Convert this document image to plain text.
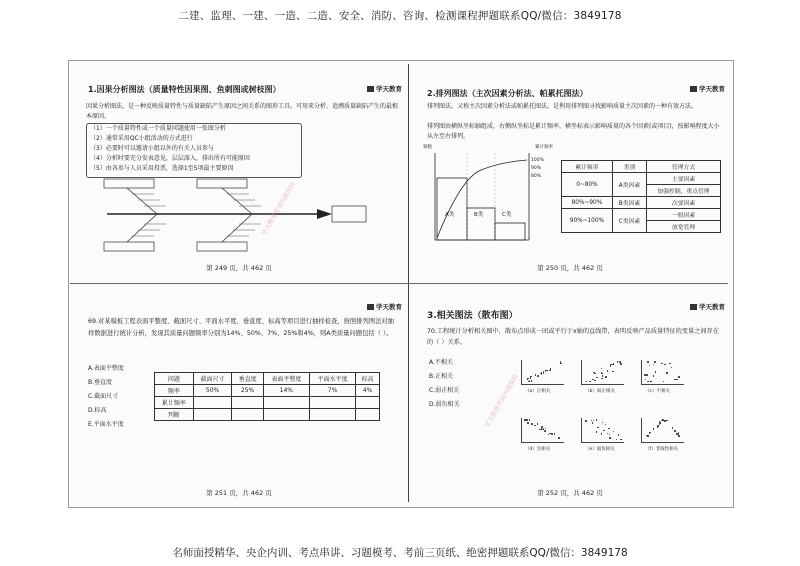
二建、监理、一建、一造、二造、安全、消防、咨询、检测课程押题联系QQ/微信：3849178
学天教育
1.因果分析图法（质量特性因果图、鱼刺图或树枝图）
因果分析图法，是一种反映质量特性与质量缺陷产生原因之间关系的图形工具。可用来分析、追溯质量缺陷产生的最根本原因。
（1）一个质量特性或一个质量问题使用一张图分析
（2）通常采用QC小组活动的方式进行
（3）必要时可以邀请小组以外的有关人员参与
（4）分析时要充分发表意见，层层深入，排出所有可能原因
（5）由各参与人员采用投票，选择1至5项最主要原因
学天教育考试内部资料
第 249 页，共 462 页
学天教育
2.排列图法（主次因素分析法、帕累托图法）
排列图法，又称主次因素分析法或帕累托图法，是利用排列图寻找影响质量主次因素的一种有效方法。
排列图由横纵坐标轴组成，右侧纵坐标是累计频率，横坐标表示影响质量的各个因素(或项目)，按影响程度大小从左至右排列。
频数	累计频率
100%
90%
80%
A类	B类	C类
累计频率	类别	管理方式
0~80%	A类因素	主要因素
		加强控制，重点管理
80%~90%	B类因素	次要因素
90%~100%	C类因素	一般因素
		放宽管理
第 250 页，共 462 页
学天教育
69.对某模板工程表面平整度、截面尺寸、平面水平度、垂直度、标高等项目进行抽样检查，按照排列图法对抽样数据进行统计分析，发现其质量问题频率分别为14%、50%、7%、25%和4%，则A类质量问题包括（ ）。
A.表面平整度
B.垂直度
C.截面尺寸
D.标高
E.平面水平度
问题	截面尺寸	垂直度	表面平整度	平面水平度	标高
频率	50%	25%	14%	7%	4%
累计频率					
判断					
第 251 页，共 462 页
学天教育
3.相关图法（散布图）
70.工程统计分析相关图中，散布点形成一团或平行于x轴的直线带，表明反映产品质量特征的变量之间存在的（ ）关系。
A.不相关
B.正相关
C.弱正相关
D.弱负相关
（a）正相关	（b）弱正相关	（c）不相关
（d）负相关	（e）弱负相关	（f）非线性相关
学天教育考试内部资料
第 252 页，共 462 页
名师面授精华、央企内训、考点串讲、习题模考、考前三页纸、绝密押题联系QQ/微信：3849178
